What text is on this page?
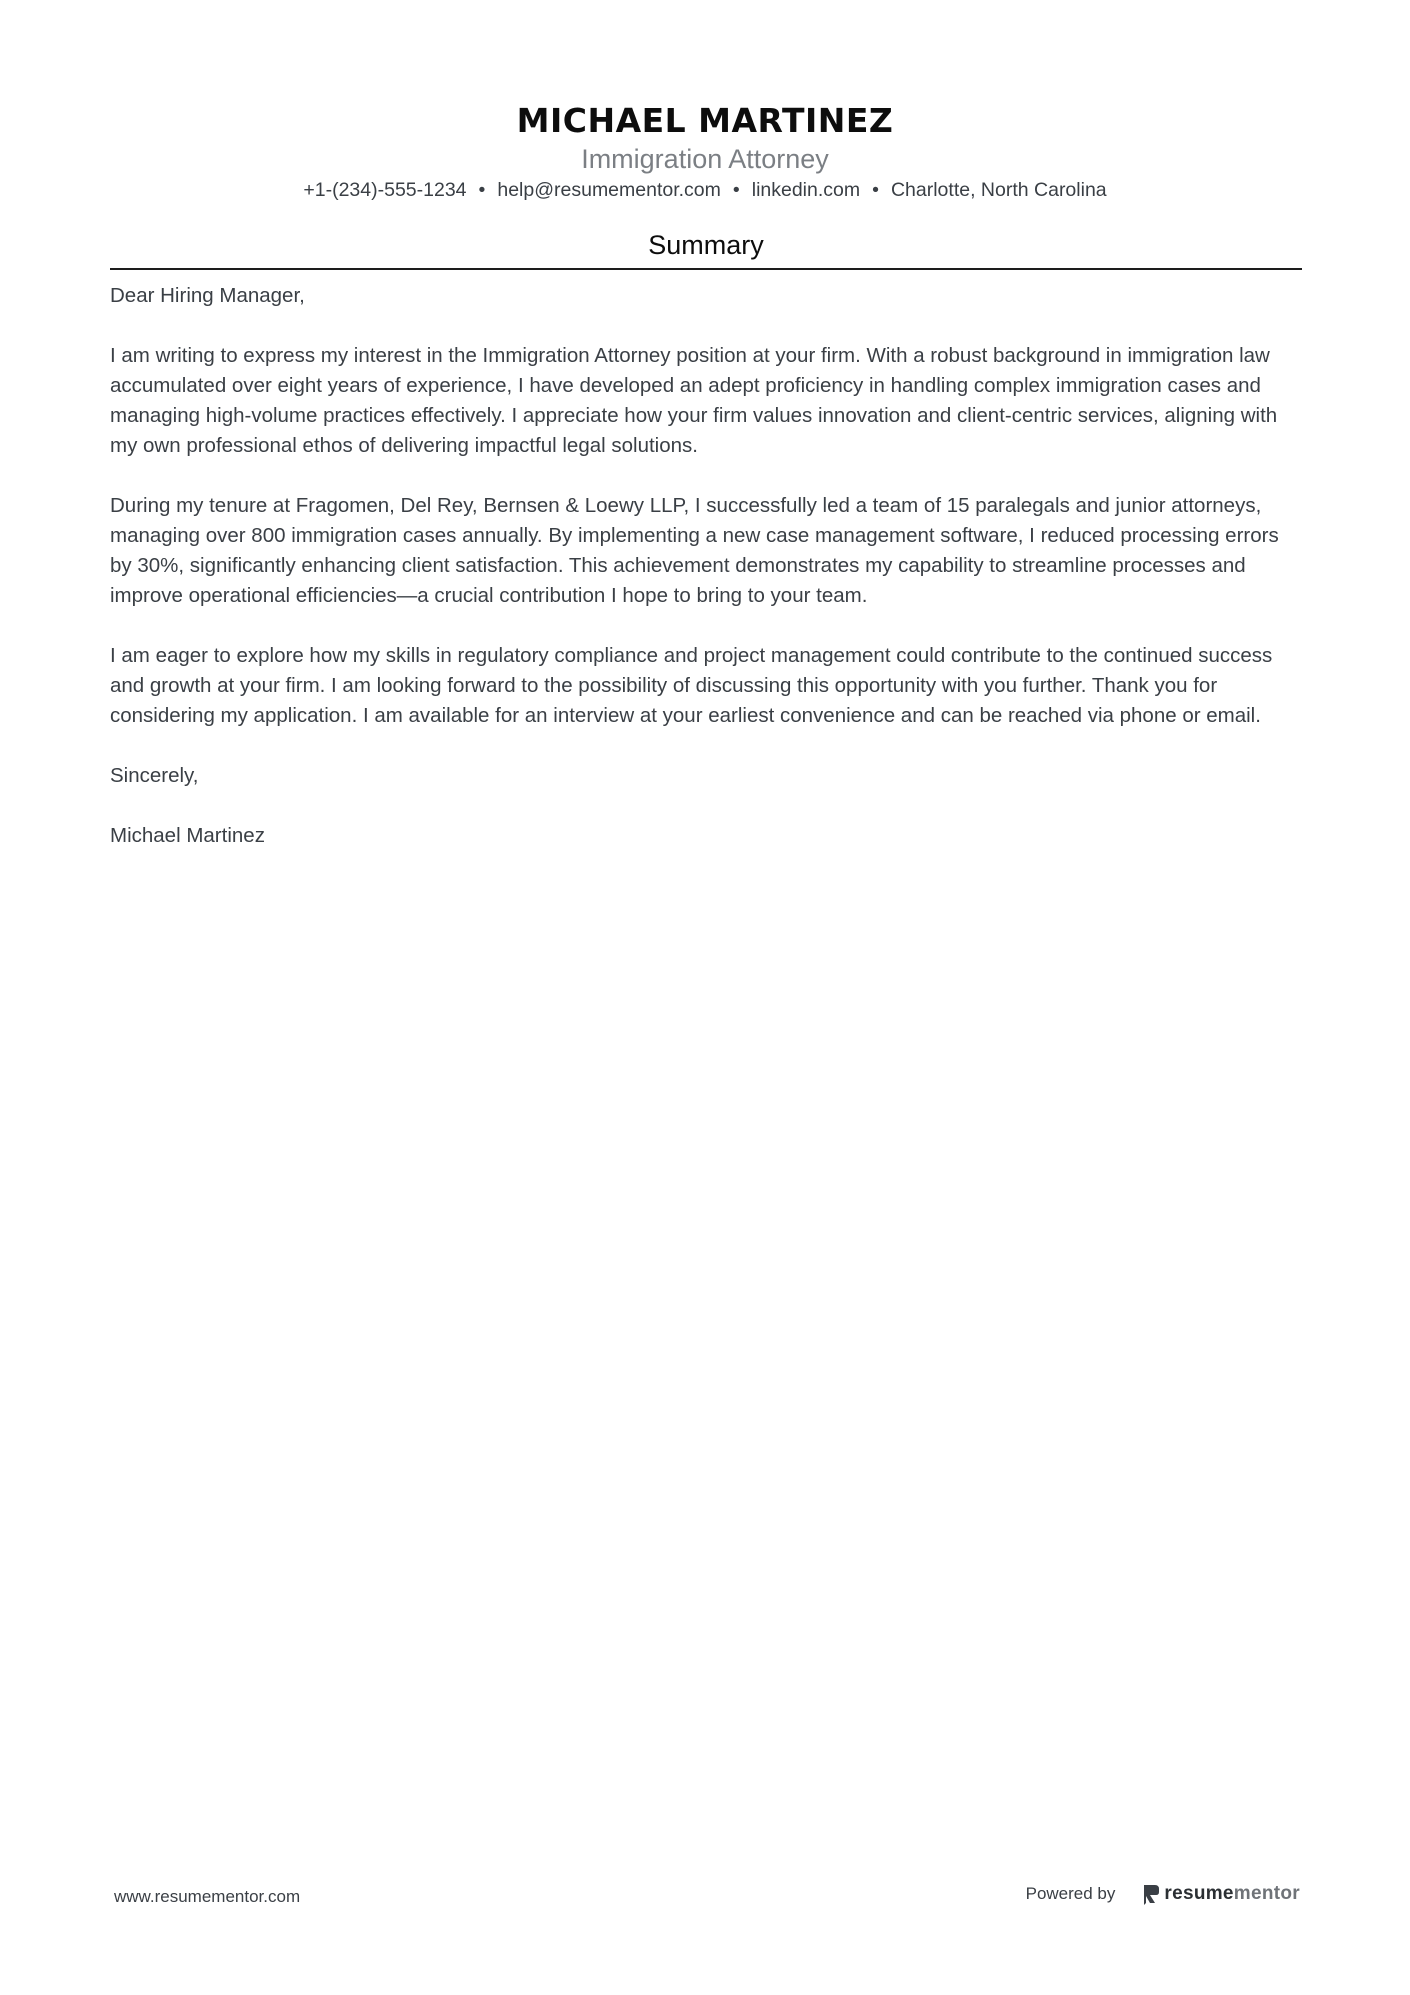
MICHAEL MARTINEZ
Immigration Attorney
+1-(234)-555-1234 • help@resumementor.com • linkedin.com • Charlotte, North Carolina
Summary

Dear Hiring Manager,

I am writing to express my interest in the Immigration Attorney position at your firm. With a robust background in immigration law accumulated over eight years of experience, I have developed an adept proficiency in handling complex immigration cases and managing high-volume practices effectively. I appreciate how your firm values innovation and client-centric services, aligning with my own professional ethos of delivering impactful legal solutions.

During my tenure at Fragomen, Del Rey, Bernsen & Loewy LLP, I successfully led a team of 15 paralegals and junior attorneys, managing over 800 immigration cases annually. By implementing a new case management software, I reduced processing errors by 30%, significantly enhancing client satisfaction. This achievement demonstrates my capability to streamline processes and improve operational efficiencies—a crucial contribution I hope to bring to your team.

I am eager to explore how my skills in regulatory compliance and project management could contribute to the continued success and growth at your firm. I am looking forward to the possibility of discussing this opportunity with you further. Thank you for considering my application. I am available for an interview at your earliest convenience and can be reached via phone or email.

Sincerely,

Michael Martinez

www.resumementor.com	Powered by	resumementor
